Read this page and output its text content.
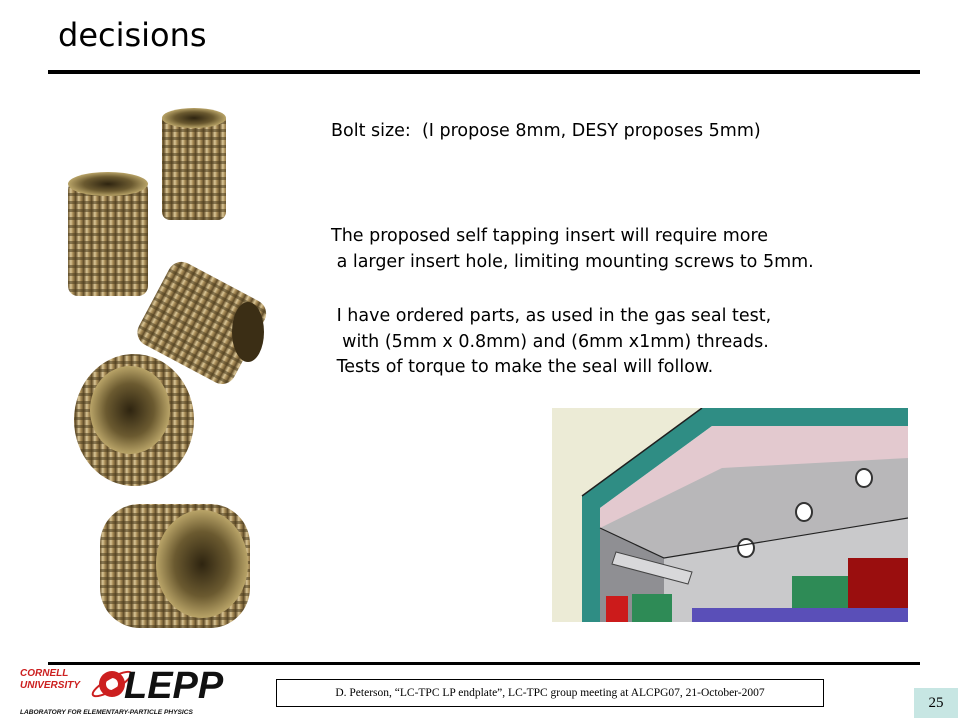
decisions
Bolt size:  (I propose 8mm, DESY proposes 5mm)
The proposed self tapping insert will require more
a larger insert hole, limiting mounting screws to 5mm.
I have ordered parts, as used in the gas seal test,
with (5mm x 0.8mm) and (6mm x1mm) threads.
Tests of torque to make the seal will follow.
CORNELL
UNIVERSITY LEPP
LABORATORY FOR ELEMENTARY-PARTICLE PHYSICS
D. Peterson, “LC-TPC LP endplate”, LC-TPC group meeting at ALCPG07, 21-October-2007
25
